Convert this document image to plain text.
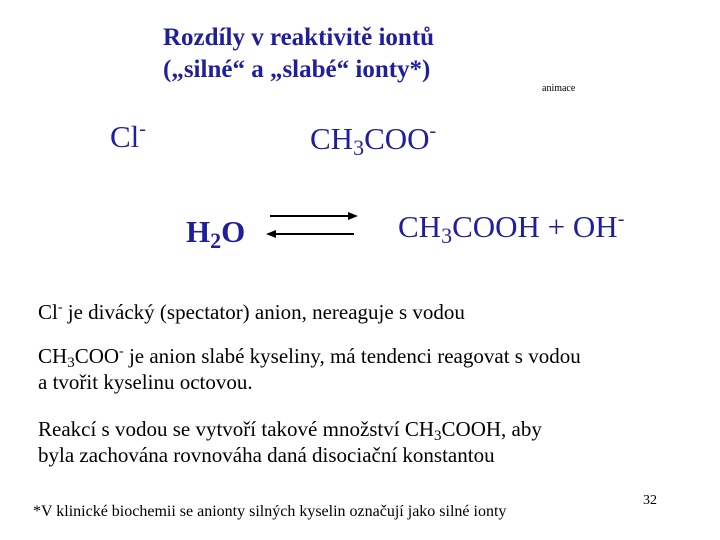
Rozdíly v reaktivitě iontů
(„silné“ a „slabé“ ionty*)
animace
Cl-	$CH_3COO^-$
$H_2O$	$CH_3COOH + OH^-$
Cl- je divácký (spectator) anion, nereaguje s vodou
$CH_3COO^-$ je anion slabé kyseliny, má tendenci reagovat s vodou
a tvořit kyselinu octovou.
Reakcí s vodou se vytvoří takové množství $CH_3COOH$, aby
byla zachována rovnováha daná disociační konstantou
*V klinické biochemii se anionty silných kyselin označují jako silné ionty
32
